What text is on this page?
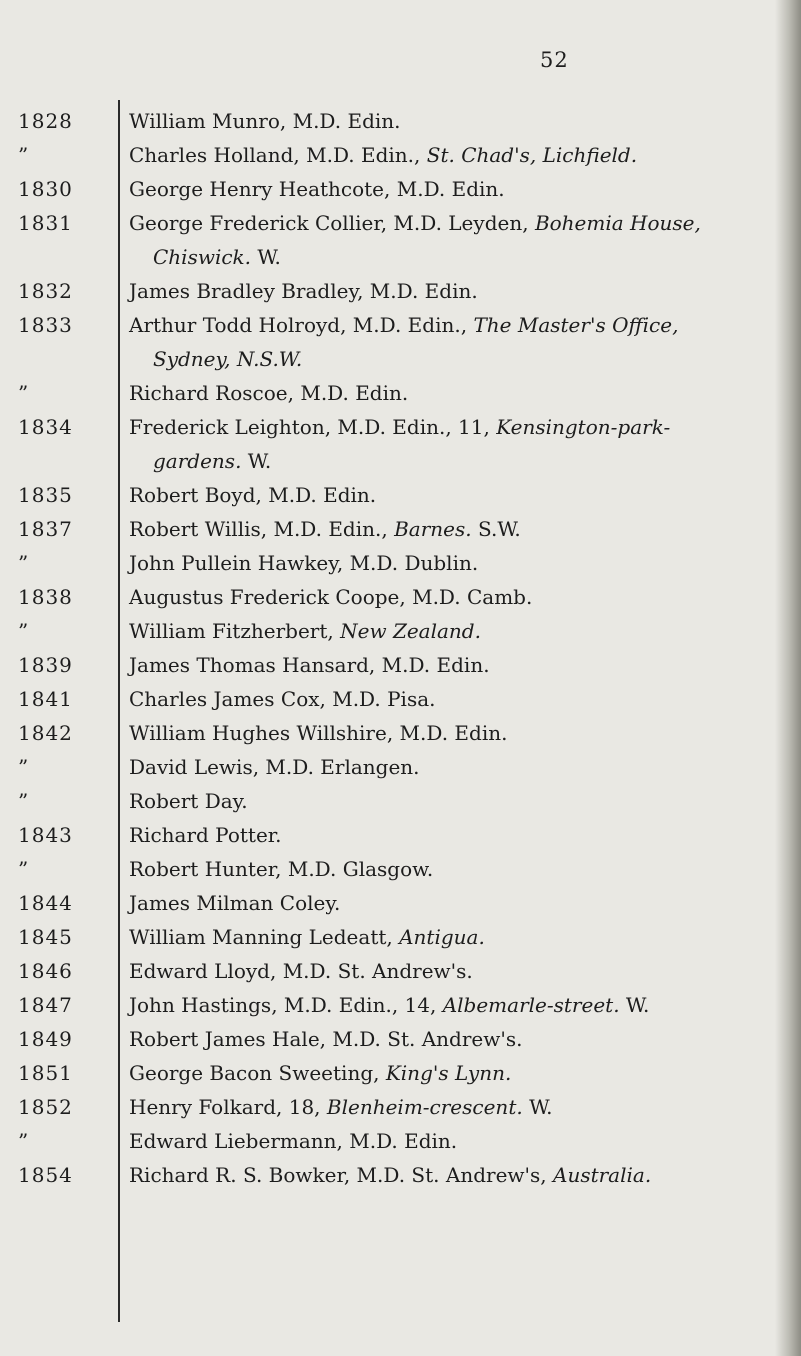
52
1828	William Munro, M.D. Edin.
”	Charles Holland, M.D. Edin., St. Chad's, Lichfield.
1830	George Henry Heathcote, M.D. Edin.
1831	George Frederick Collier, M.D. Leyden, Bohemia House,
Chiswick. W.
1832	James Bradley Bradley, M.D. Edin.
1833	Arthur Todd Holroyd, M.D. Edin., The Master's Office,
Sydney, N.S.W.
”	Richard Roscoe, M.D. Edin.
1834	Frederick Leighton, M.D. Edin., 11, Kensington-park-
gardens. W.
1835	Robert Boyd, M.D. Edin.
1837	Robert Willis, M.D. Edin., Barnes. S.W.
”	John Pullein Hawkey, M.D. Dublin.
1838	Augustus Frederick Coope, M.D. Camb.
”	William Fitzherbert, New Zealand.
1839	James Thomas Hansard, M.D. Edin.
1841	Charles James Cox, M.D. Pisa.
1842	William Hughes Willshire, M.D. Edin.
”	David Lewis, M.D. Erlangen.
”	Robert Day.
1843	Richard Potter.
”	Robert Hunter, M.D. Glasgow.
1844	James Milman Coley.
1845	William Manning Ledeatt, Antigua.
1846	Edward Lloyd, M.D. St. Andrew's.
1847	John Hastings, M.D. Edin., 14, Albemarle-street. W.
1849	Robert James Hale, M.D. St. Andrew's.
1851	George Bacon Sweeting, King's Lynn.
1852	Henry Folkard, 18, Blenheim-crescent. W.
”	Edward Liebermann, M.D. Edin.
1854	Richard R. S. Bowker, M.D. St. Andrew's, Australia.
